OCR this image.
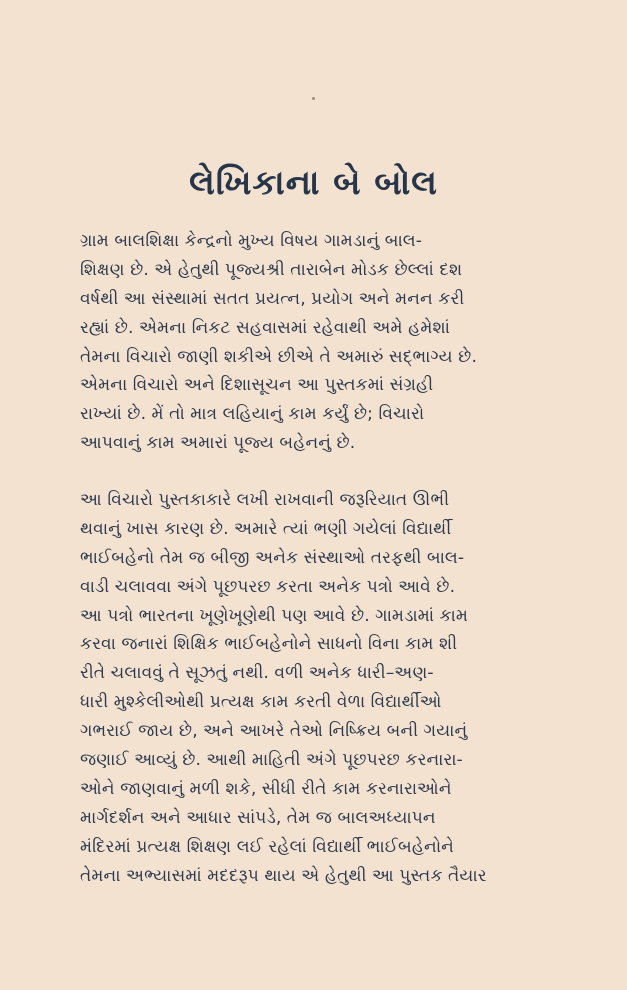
લેખિકાના બે બોલ
ગ્રામ બાલશિક્ષા કેન્દ્રનો મુખ્ય વિષય ગામડાનું બાલ-
શિક્ષણ છે. એ હેતુથી પૂજ્યશ્રી તારાબેન મોડક છેલ્લાં દશ
વર્ષથી આ સંસ્થામાં સતત પ્રયત્ન, પ્રયોગ અને મનન કરી
રહ્યાં છે. એમના નિકટ સહવાસમાં રહેવાથી અમે હમેશાં
તેમના વિચારો જાણી શકીએ છીએ તે અમારું સદ્ભાગ્ય છે.
એમના વિચારો અને દિશાસૂચન આ પુસ્તકમાં સંગ્રહી
રાખ્યાં છે. મેં તો માત્ર લહિયાનું કામ કર્યું છે; વિચારો
આપવાનું કામ અમારાં પૂજ્ય બહેનનું છે.
આ વિચારો પુસ્તકાકારે લખી રાખવાની જરૂરિયાત ઊભી
થવાનું ખાસ કારણ છે. અમારે ત્યાં ભણી ગયેલાં વિદ્યાર્થી
ભાઈબહેનો તેમ જ બીજી અનેક સંસ્થાઓ તરફથી બાલ-
વાડી ચલાવવા અંગે પૂછપરછ કરતા અનેક પત્રો આવે છે.
આ પત્રો ભારતના ખૂણેખૂણેથી પણ આવે છે. ગામડામાં કામ
કરવા જનારાં શિક્ષિક ભાઈબહેનોને સાધનો વિના કામ શી
રીતે ચલાવવું તે સૂઝતું નથી. વળી અનેક ધારી–અણ-
ધારી મુશ્કેલીઓથી પ્રત્યક્ષ કામ કરતી વેળા વિદ્યાર્થીઓ
ગભરાઈ જાય છે, અને આખરે તેઓ નિષ્ક્રિય બની ગયાનું
જણાઈ આવ્યું છે. આથી માહિતી અંગે પૂછપરછ કરનારા-
ઓને જાણવાનું મળી શકે, સીધી રીતે કામ કરનારાઓને
માર્ગદર્શન અને આધાર સાંપડે, તેમ જ બાલઅધ્યાપન
મંદિરમાં પ્રત્યક્ષ શિક્ષણ લઈ રહેલાં વિદ્યાર્થી ભાઈબહેનોને
તેમના અભ્યાસમાં મદદરૂપ થાય એ હેતુથી આ પુસ્તક તૈયાર
